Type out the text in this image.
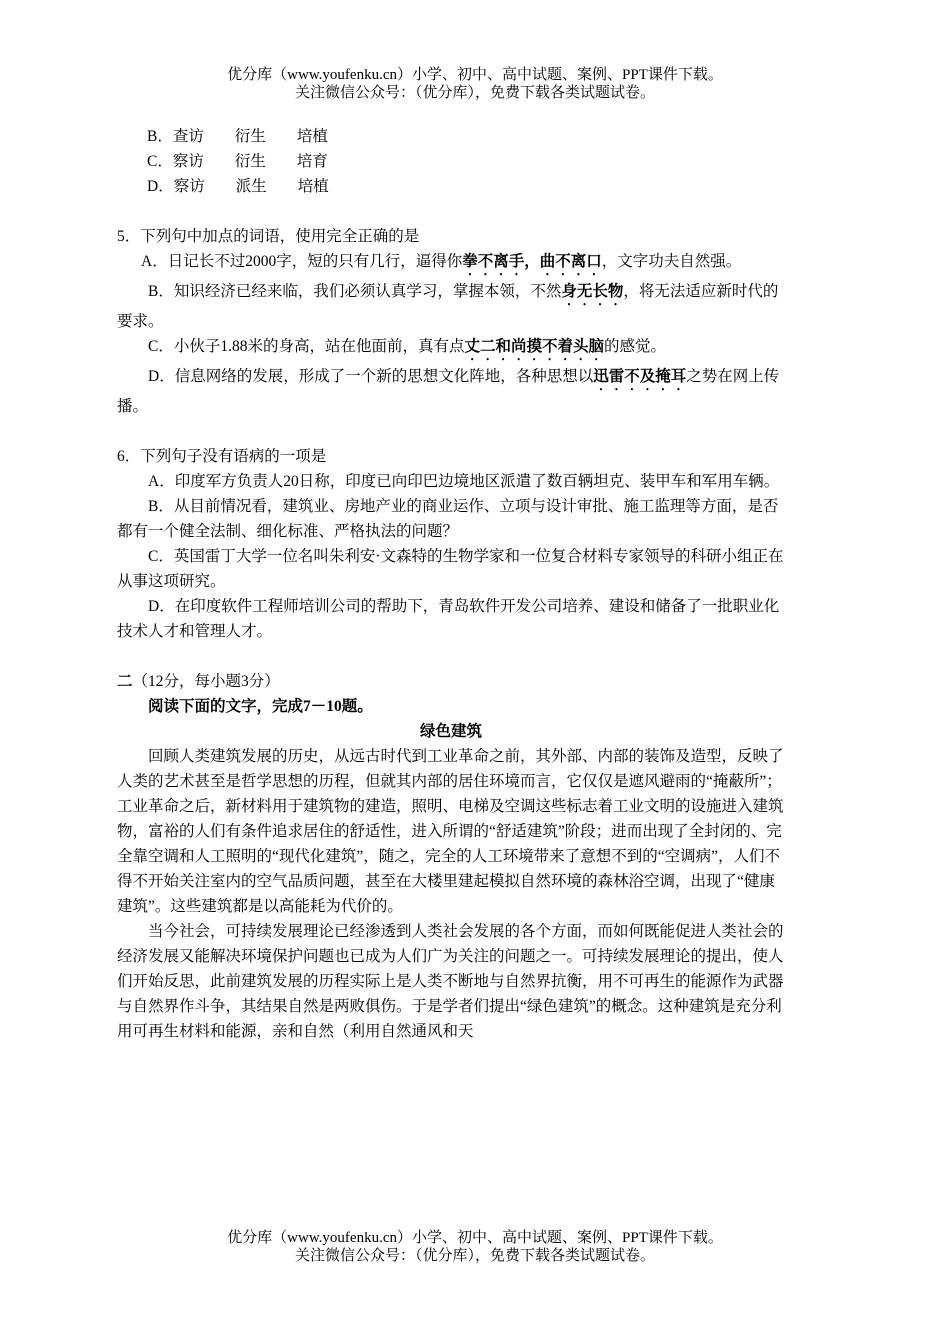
优分库（www.youfenku.cn）小学、初中、高中试题、案例、PPT课件下载。
关注微信公众号：（优分库），免费下载各类试题试卷。

B．查访　　衍生　　培植

C．察访　　衍生　　培育

D．察访　　派生　　培植

5．下列句中加点的词语，使用完全正确的是

A．日记长不过2000字，短的只有几行，逼得你拳不离手，曲不离口，文字功夫自然强。

B．知识经济已经来临，我们必须认真学习，掌握本领，不然身无长物，将无法适应新时代的要求。

C．小伙子1.88米的身高，站在他面前，真有点丈二和尚摸不着头脑的感觉。

D．信息网络的发展，形成了一个新的思想文化阵地，各种思想以迅雷不及掩耳之势在网上传播。

6．下列句子没有语病的一项是

A．印度军方负责人20日称，印度已向印巴边境地区派遣了数百辆坦克、装甲车和军用车辆。

B．从目前情况看，建筑业、房地产业的商业运作、立项与设计审批、施工监理等方面，是否都有一个健全法制、细化标准、严格执法的问题？

C．英国雷丁大学一位名叫朱利安·文森特的生物学家和一位复合材料专家领导的科研小组正在从事这项研究。

D．在印度软件工程师培训公司的帮助下，青岛软件开发公司培养、建设和储备了一批职业化技术人才和管理人才。

二（12分，每小题3分）

阅读下面的文字，完成7－10题。

绿色建筑

回顾人类建筑发展的历史，从远古时代到工业革命之前，其外部、内部的装饰及造型，反映了人类的艺术甚至是哲学思想的历程，但就其内部的居住环境而言，它仅仅是遮风避雨的“掩蔽所”；工业革命之后，新材料用于建筑物的建造，照明、电梯及空调这些标志着工业文明的设施进入建筑物，富裕的人们有条件追求居住的舒适性，进入所谓的“舒适建筑”阶段；进而出现了全封闭的、完全靠空调和人工照明的“现代化建筑”，随之，完全的人工环境带来了意想不到的“空调病”，人们不得不开始关注室内的空气品质问题，甚至在大楼里建起模拟自然环境的森林浴空调，出现了“健康建筑”。这些建筑都是以高能耗为代价的。

当今社会，可持续发展理论已经渗透到人类社会发展的各个方面，而如何既能促进人类社会的经济发展又能解决环境保护问题也已成为人们广为关注的问题之一。可持续发展理论的提出，使人们开始反思，此前建筑发展的历程实际上是人类不断地与自然界抗衡，用不可再生的能源作为武器与自然界作斗争，其结果自然是两败俱伤。于是学者们提出“绿色建筑”的概念。这种建筑是充分利用可再生材料和能源，亲和自然（利用自然通风和天

优分库（www.youfenku.cn）小学、初中、高中试题、案例、PPT课件下载。
关注微信公众号：（优分库），免费下载各类试题试卷。
